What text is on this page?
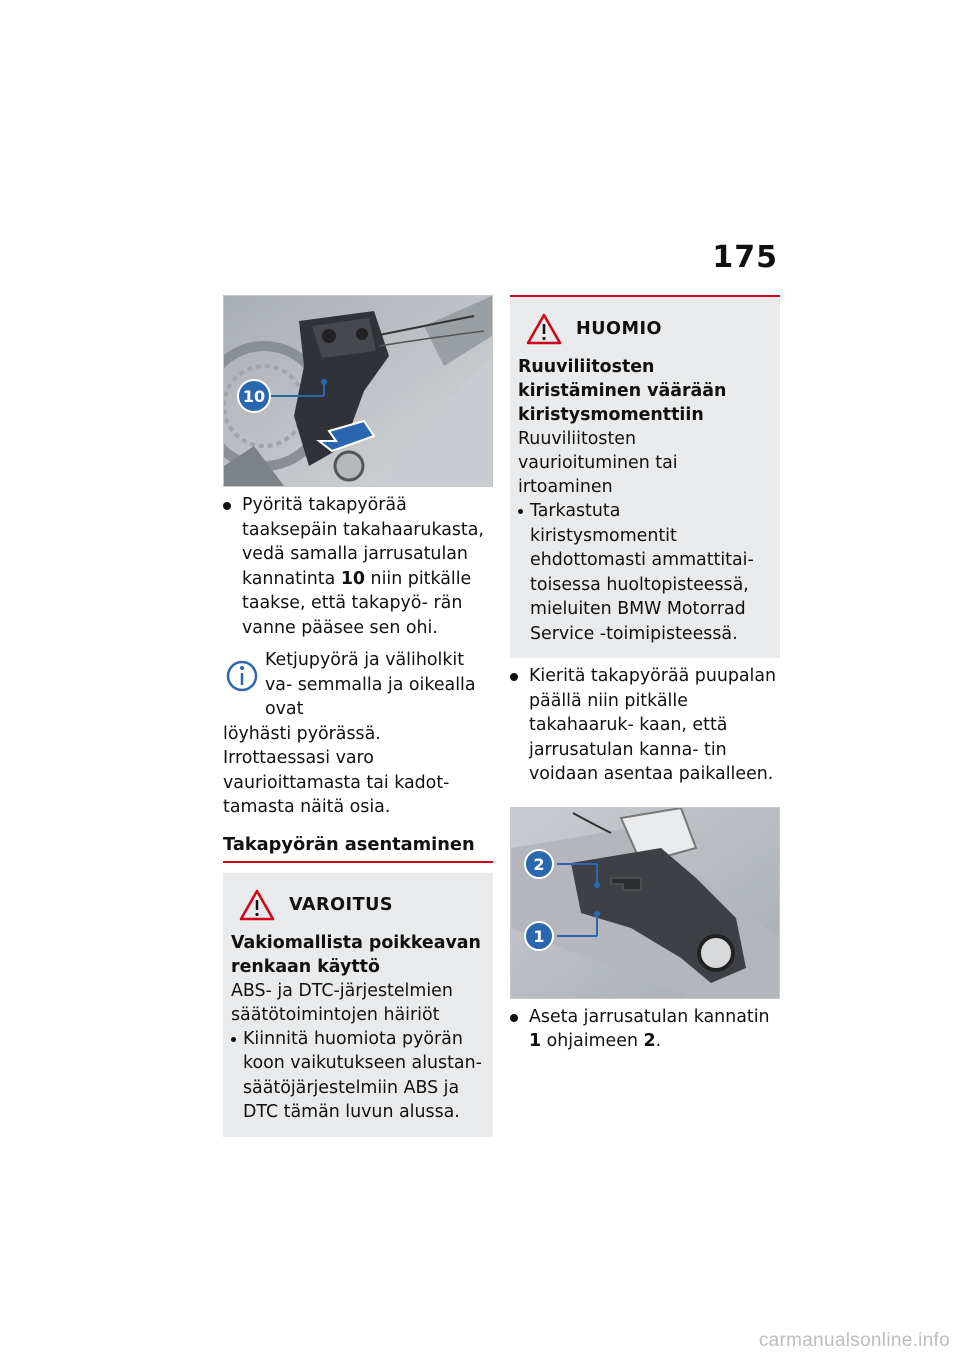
175
10
Pyöritä takapyörää taaksepäin takahaarukasta, vedä samalla jarrusatulan kannatinta 10 niin pitkälle taakse, että takapyö- rän vanne pääsee sen ohi.
Ketjupyörä ja väliholkit va- semmalla ja oikealla ovat
löyhästi pyörässä. Irrottaessasi varo vaurioittamasta tai kadot- tamasta näitä osia.
Takapyörän asentaminen
VAROITUS
Vakiomallista poikkeavan renkaan käyttö
ABS- ja DTC-järjestelmien säätötoimintojen häiriöt
Kiinnitä huomiota pyörän koon vaikutukseen alustan- säätöjärjestelmiin ABS ja DTC tämän luvun alussa.
HUOMIO
Ruuviliitosten kiristäminen väärään kiristysmomenttiin
Ruuviliitosten vaurioituminen tai irtoaminen
Tarkastuta kiristysmomentit ehdottomasti ammattitai- toisessa huoltopisteessä, mieluiten BMW Motorrad Service -toimipisteessä.
Kieritä takapyörää puupalan päällä niin pitkälle takahaaruk- kaan, että jarrusatulan kanna- tin voidaan asentaa paikalleen.
2
1
Aseta jarrusatulan kannatin 1 ohjaimeen 2.
carmanualsonline.info
